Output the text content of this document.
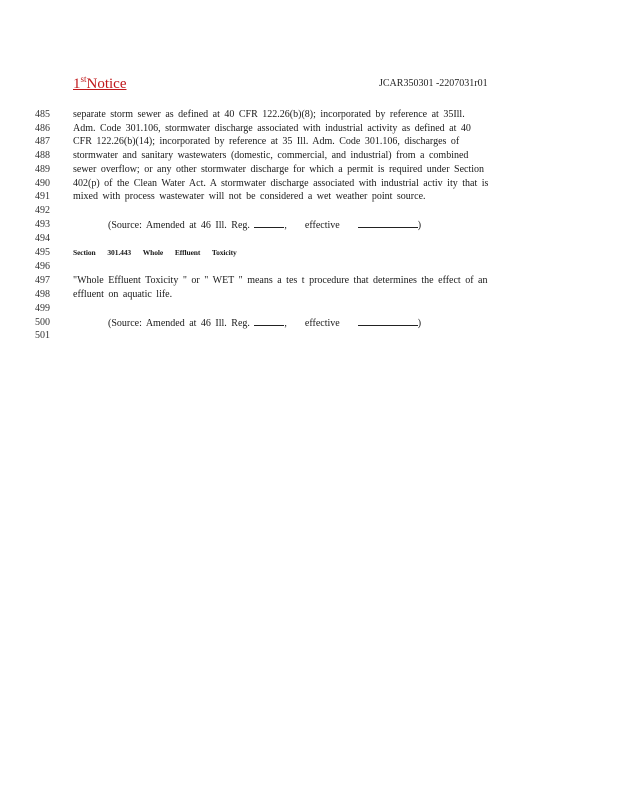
1stNotice	JCAR350301 -2207031r01
485	separate storm sewer as defined at 40 CFR 122.26(b)(8); incorporated by reference at 35Ill.
486	Adm. Code 301.106, stormwater discharge associated with industrial activity as defined at 40
487	CFR 122.26(b)(14); incorporated by reference at 35 Ill. Adm. Code 301.106, discharges of
488	stormwater and sanitary wastewaters (domestic, commercial, and industrial) from a combined
489	sewer overflow; or any other stormwater discharge for which a permit is required under Section
490	402(p) of the Clean Water Act. A stormwater discharge associated with industrial activ ity that is
491	mixed with process wastewater will not be considered a wet weather point source.
492
493	(Source: Amended at 46 Ill. Reg.	,    effective	)
494
495	Section 301.443 Whole Effluent Toxicity
496
497	"Whole Effluent Toxicity " or " WET " means a tes t procedure that determines the effect of an
498	effluent on aquatic life.
499
500	(Source: Amended at 46 Ill. Reg.	,    effective	)
501
